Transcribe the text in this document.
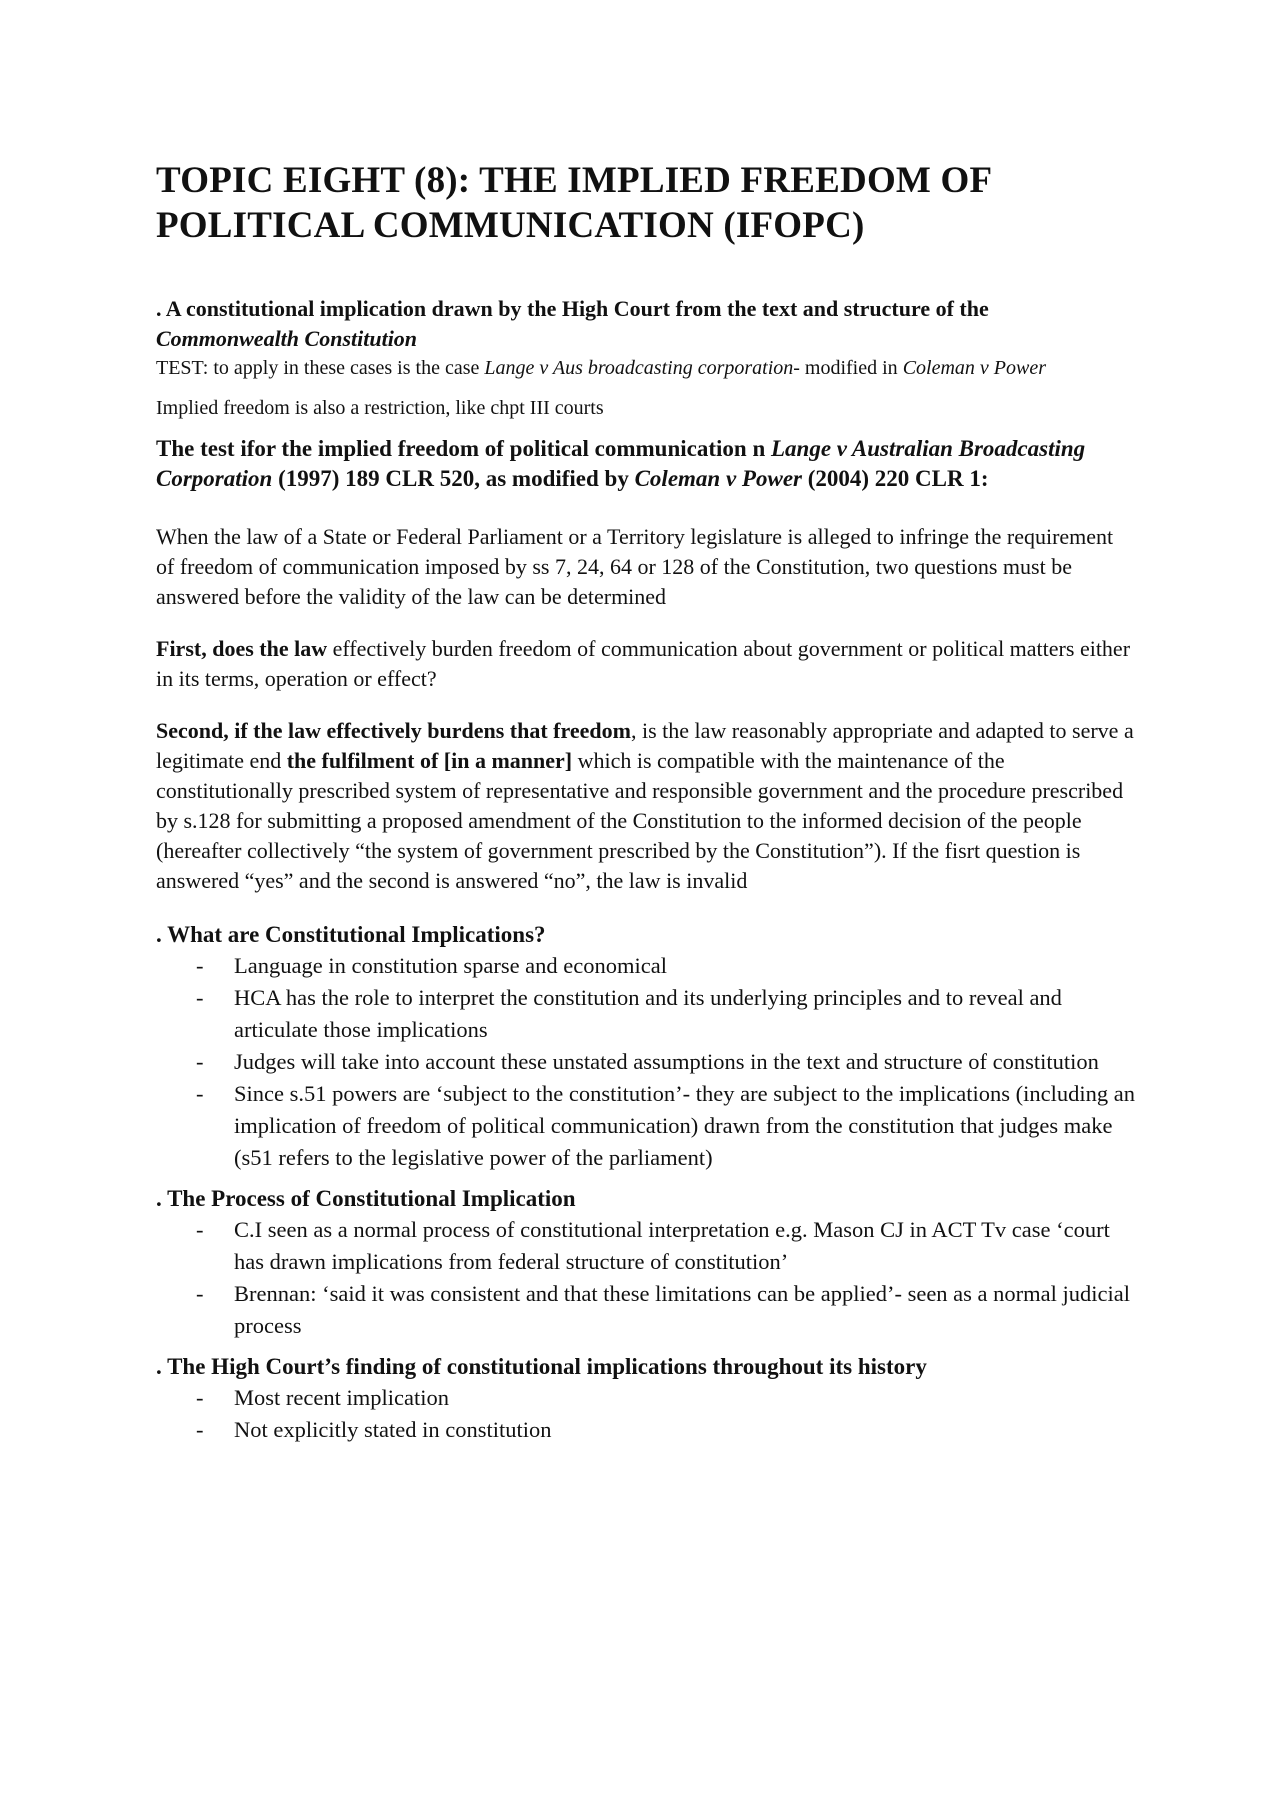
TOPIC EIGHT (8): THE IMPLIED FREEDOM OF
POLITICAL COMMUNICATION (IFOPC)

. A constitutional implication drawn by the High Court from the text and structure of the Commonwealth Constitution

TEST: to apply in these cases is the case Lange v Aus broadcasting corporation- modified in Coleman v Power

Implied freedom is also a restriction, like chpt III courts

The test ifor the implied freedom of political communication n Lange v Australian Broadcasting Corporation (1997) 189 CLR 520, as modified by Coleman v Power (2004) 220 CLR 1:

When the law of a State or Federal Parliament or a Territory legislature is alleged to infringe the requirement of freedom of communication imposed by ss 7, 24, 64 or 128 of the Constitution, two questions must be answered before the validity of the law can be determined

First, does the law effectively burden freedom of communication about government or political matters either in its terms, operation or effect?

Second, if the law effectively burdens that freedom, is the law reasonably appropriate and adapted to serve a legitimate end the fulfilment of [in a manner] which is compatible with the maintenance of the constitutionally prescribed system of representative and responsible government and the procedure prescribed by s.128 for submitting a proposed amendment of the Constitution to the informed decision of the people (hereafter collectively “the system of government prescribed by the Constitution”). If the fisrt question is answered “yes” and the second is answered “no”, the law is invalid

. What are Constitutional Implications?

- Language in constitution sparse and economical
- HCA has the role to interpret the constitution and its underlying principles and to reveal and articulate those implications
- Judges will take into account these unstated assumptions in the text and structure of constitution
- Since s.51 powers are ‘subject to the constitution’- they are subject to the implications (including an implication of freedom of political communication) drawn from the constitution that judges make (s51 refers to the legislative power of the parliament)

. The Process of Constitutional Implication

- C.I seen as a normal process of constitutional interpretation e.g. Mason CJ in ACT Tv case ‘court has drawn implications from federal structure of constitution’
- Brennan: ‘said it was consistent and that these limitations can be applied’- seen as a normal judicial process

. The High Court’s finding of constitutional implications throughout its history

- Most recent implication
- Not explicitly stated in constitution
